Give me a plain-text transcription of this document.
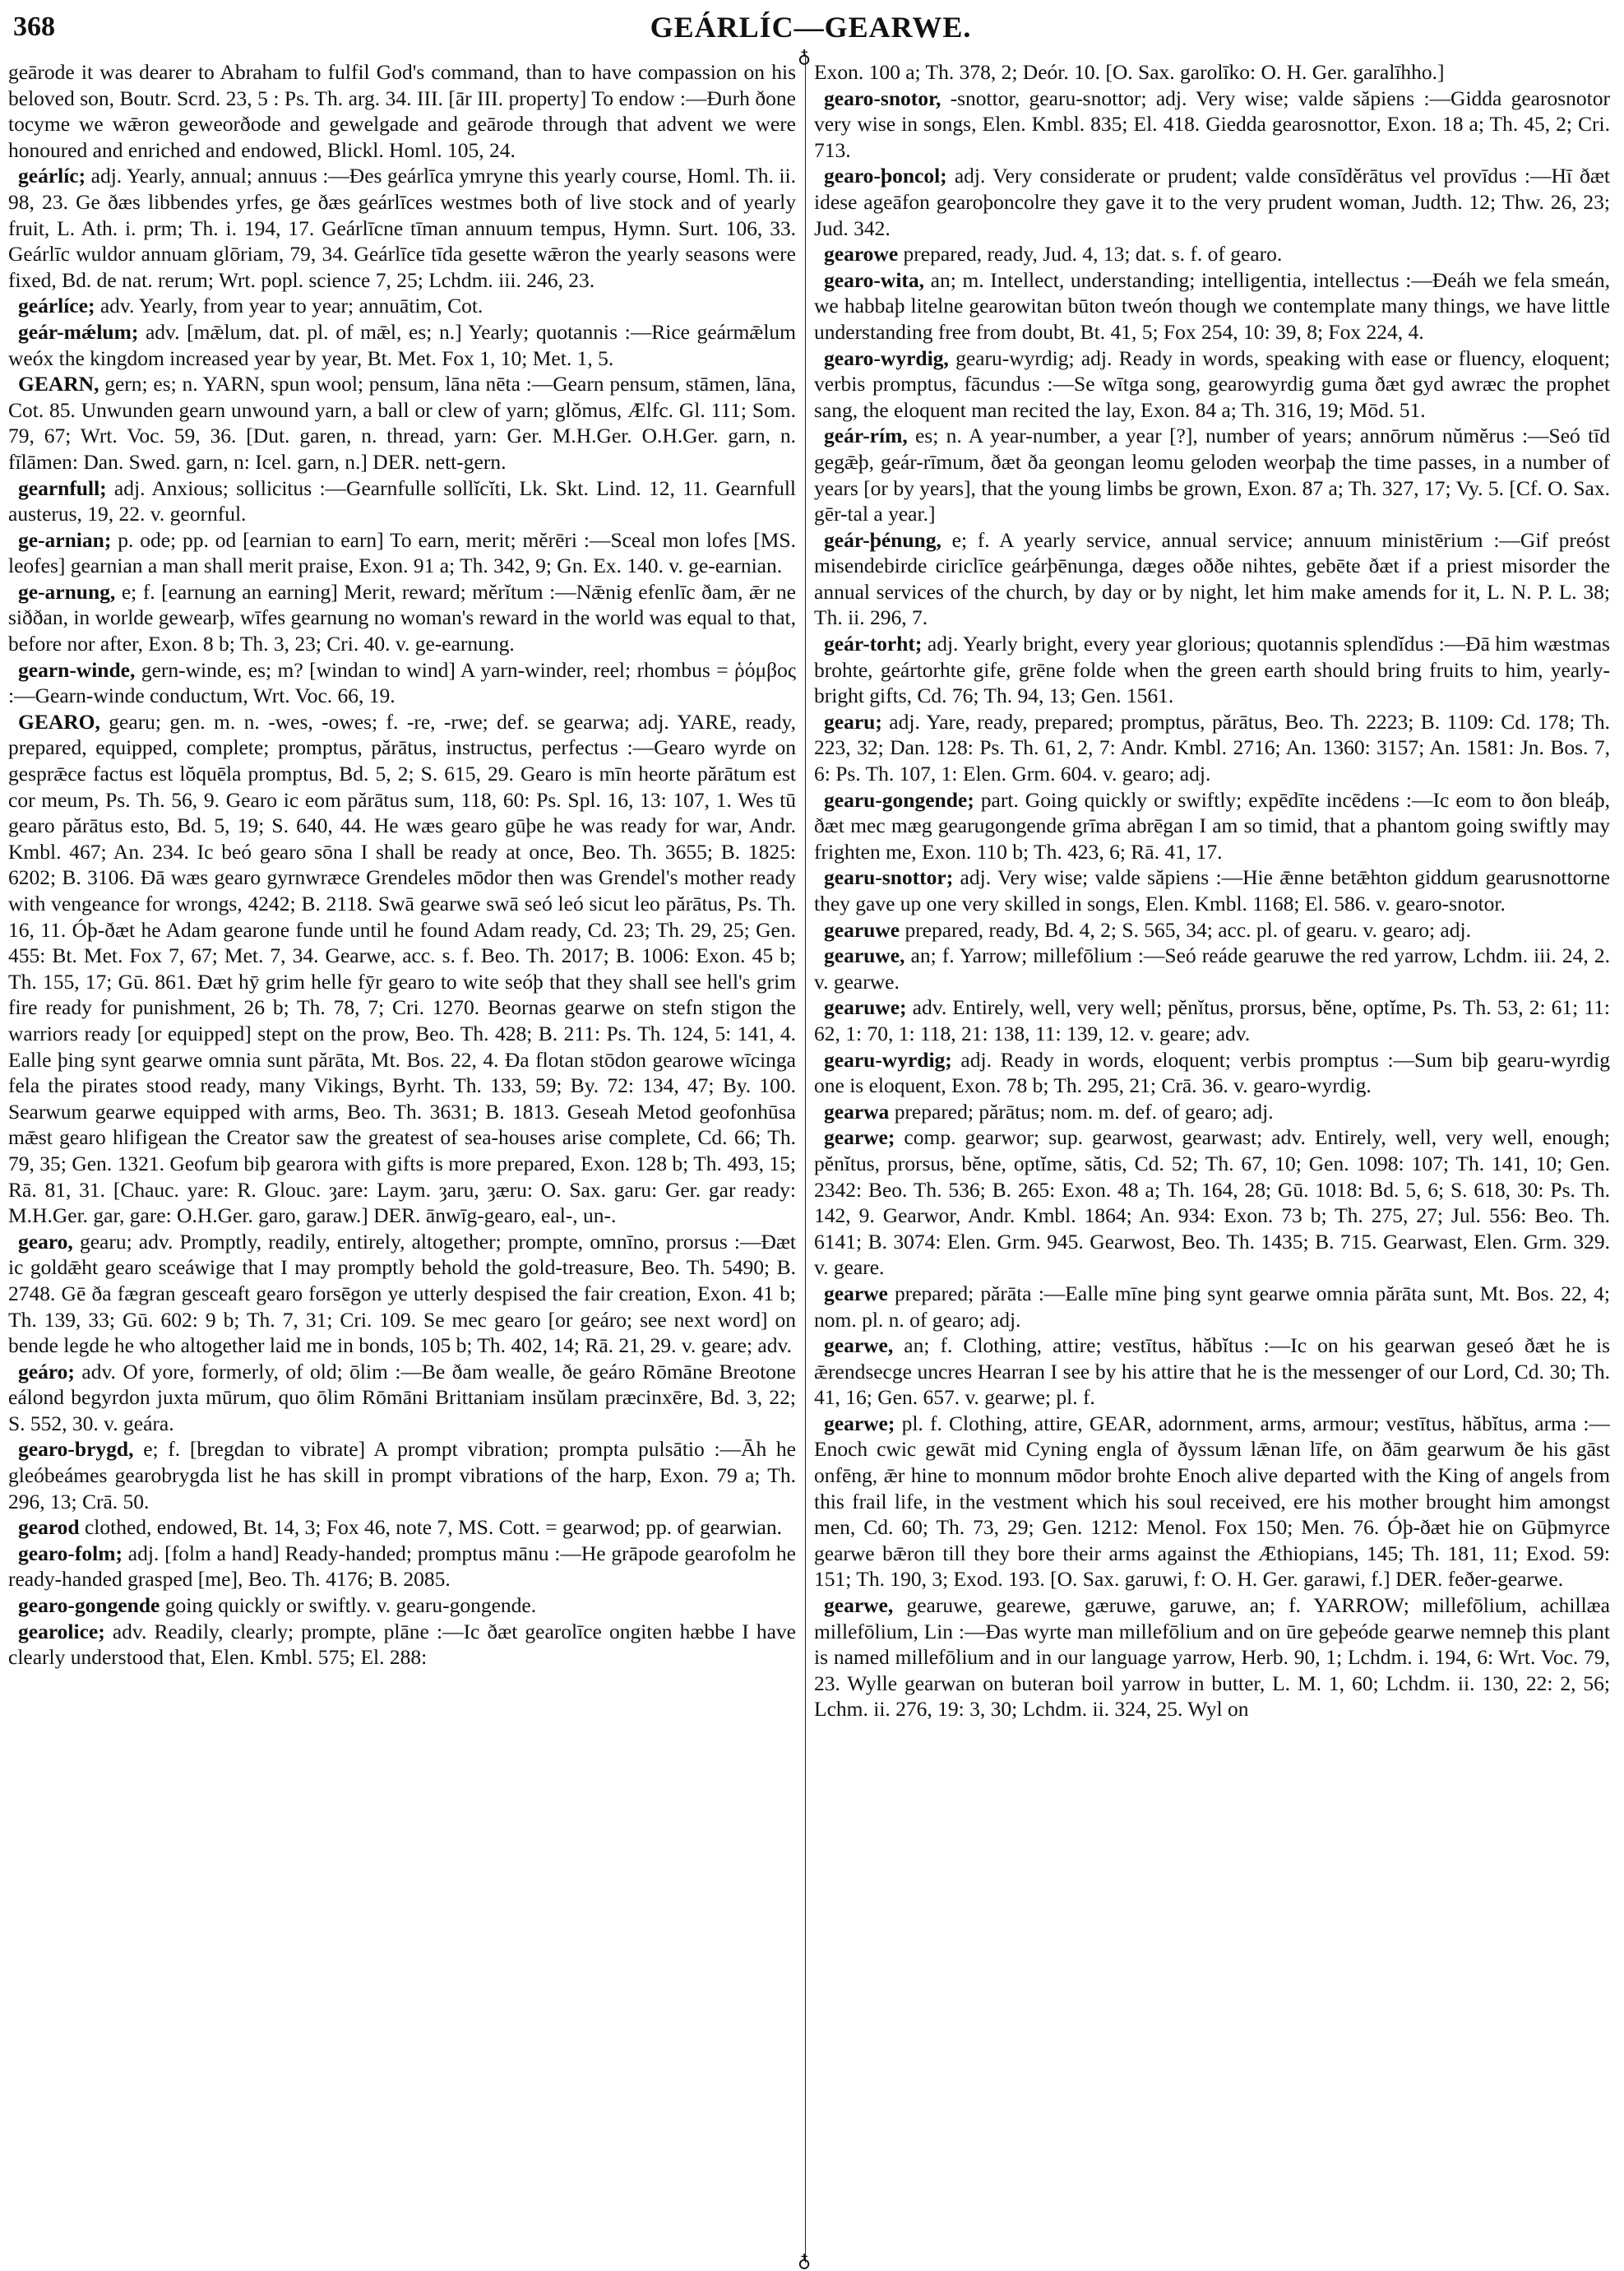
368	GEÁRLÍC—GEARWE.
♁
♁

geārode it was dearer to Abraham to fulfil God's command, than to have compassion on his beloved son, Boutr. Scrd. 23, 5 : Ps. Th. arg. 34. III. [ār III. property] To endow :—Ðurh ðone tocyme we wǣron geweorðode and gewelgade and geārode through that advent we were honoured and enriched and endowed, Blickl. Homl. 105, 24.

geárlíc; adj. Yearly, annual; annuus :—Ðes geárlīca ymryne this yearly course, Homl. Th. ii. 98, 23. Ge ðæs libbendes yrfes, ge ðæs geárlīces westmes both of live stock and of yearly fruit, L. Ath. i. prm; Th. i. 194, 17. Geárlīcne tīman annuum tempus, Hymn. Surt. 106, 33. Geárlīc wuldor annuam glōriam, 79, 34. Geárlīce tīda gesette wǣron the yearly seasons were fixed, Bd. de nat. rerum; Wrt. popl. science 7, 25; Lchdm. iii. 246, 23.

geárlíce; adv. Yearly, from year to year; annuātim, Cot.

geár-mǽlum; adv. [mǣlum, dat. pl. of mǣl, es; n.] Yearly; quotannis :—Rice geármǣlum weóx the kingdom increased year by year, Bt. Met. Fox 1, 10; Met. 1, 5.

GEARN, gern; es; n. YARN, spun wool; pensum, lāna nēta :—Gearn pensum, stāmen, lāna, Cot. 85. Unwunden gearn unwound yarn, a ball or clew of yarn; glŏmus, Ælfc. Gl. 111; Som. 79, 67; Wrt. Voc. 59, 36. [Dut. garen, n. thread, yarn: Ger. M.H.Ger. O.H.Ger. garn, n. fīlāmen: Dan. Swed. garn, n: Icel. garn, n.] DER. nett-gern.

gearnfull; adj. Anxious; sollicitus :—Gearnfulle sollĭcĭti, Lk. Skt. Lind. 12, 11. Gearnfull austerus, 19, 22. v. geornful.

ge-arnian; p. ode; pp. od [earnian to earn] To earn, merit; mĕrēri :—Sceal mon lofes [MS. leofes] gearnian a man shall merit praise, Exon. 91 a; Th. 342, 9; Gn. Ex. 140. v. ge-earnian.

ge-arnung, e; f. [earnung an earning] Merit, reward; mĕrĭtum :—Nǣnig efenlīc ðam, ǣr ne siððan, in worlde gewearþ, wīfes gearnung no woman's reward in the world was equal to that, before nor after, Exon. 8 b; Th. 3, 23; Cri. 40. v. ge-earnung.

gearn-winde, gern-winde, es; m? [windan to wind] A yarn-winder, reel; rhombus = ῥόμβος :—Gearn-winde conductum, Wrt. Voc. 66, 19.

GEARO, gearu; gen. m. n. -wes, -owes; f. -re, -rwe; def. se gearwa; adj. YARE, ready, prepared, equipped, complete; promptus, părātus, instructus, perfectus :—Gearo wyrde on gesprǣce factus est lŏquēla promptus, Bd. 5, 2; S. 615, 29. Gearo is mīn heorte părātum est cor meum, Ps. Th. 56, 9. Gearo ic eom părātus sum, 118, 60: Ps. Spl. 16, 13: 107, 1. Wes tū gearo părātus esto, Bd. 5, 19; S. 640, 44. He wæs gearo gūþe he was ready for war, Andr. Kmbl. 467; An. 234. Ic beó gearo sōna I shall be ready at once, Beo. Th. 3655; B. 1825: 6202; B. 3106. Ðā wæs gearo gyrnwræce Grendeles mōdor then was Grendel's mother ready with vengeance for wrongs, 4242; B. 2118. Swā gearwe swā seó leó sicut leo părātus, Ps. Th. 16, 11. Óþ-ðæt he Adam gearone funde until he found Adam ready, Cd. 23; Th. 29, 25; Gen. 455: Bt. Met. Fox 7, 67; Met. 7, 34. Gearwe, acc. s. f. Beo. Th. 2017; B. 1006: Exon. 45 b; Th. 155, 17; Gū. 861. Ðæt hȳ grim helle fȳr gearo to wite seóþ that they shall see hell's grim fire ready for punishment, 26 b; Th. 78, 7; Cri. 1270. Beornas gearwe on stefn stigon the warriors ready [or equipped] stept on the prow, Beo. Th. 428; B. 211: Ps. Th. 124, 5: 141, 4. Ealle þing synt gearwe omnia sunt părāta, Mt. Bos. 22, 4. Ða flotan stōdon gearowe wīcinga fela the pirates stood ready, many Vikings, Byrht. Th. 133, 59; By. 72: 134, 47; By. 100. Searwum gearwe equipped with arms, Beo. Th. 3631; B. 1813. Geseah Metod geofonhūsa mǣst gearo hlifigean the Creator saw the greatest of sea-houses arise complete, Cd. 66; Th. 79, 35; Gen. 1321. Geofum biþ gearora with gifts is more prepared, Exon. 128 b; Th. 493, 15; Rā. 81, 31. [Chauc. yare: R. Glouc. ȝare: Laym. ȝaru, ȝæru: O. Sax. garu: Ger. gar ready: M.H.Ger. gar, gare: O.H.Ger. garo, garaw.] DER. ānwīg-gearo, eal-, un-.

gearo, gearu; adv. Promptly, readily, entirely, altogether; prompte, omnīno, prorsus :—Ðæt ic goldǣht gearo sceáwige that I may promptly behold the gold-treasure, Beo. Th. 5490; B. 2748. Gē ða fægran gesceaft gearo forsēgon ye utterly despised the fair creation, Exon. 41 b; Th. 139, 33; Gū. 602: 9 b; Th. 7, 31; Cri. 109. Se mec gearo [or geáro; see next word] on bende legde he who altogether laid me in bonds, 105 b; Th. 402, 14; Rā. 21, 29. v. geare; adv.

geáro; adv. Of yore, formerly, of old; ōlim :—Be ðam wealle, ðe geáro Rōmāne Breotone eálond begyrdon juxta mūrum, quo ōlim Rōmāni Brittaniam insŭlam præcinxēre, Bd. 3, 22; S. 552, 30. v. geára.

gearo-brygd, e; f. [bregdan to vibrate] A prompt vibration; prompta pulsātio :—Āh he gleóbeámes gearobrygda list he has skill in prompt vibrations of the harp, Exon. 79 a; Th. 296, 13; Crā. 50.

gearod clothed, endowed, Bt. 14, 3; Fox 46, note 7, MS. Cott. = gearwod; pp. of gearwian.

gearo-folm; adj. [folm a hand] Ready-handed; promptus mānu :—He grāpode gearofolm he ready-handed grasped [me], Beo. Th. 4176; B. 2085.

gearo-gongende going quickly or swiftly. v. gearu-gongende.

gearolice; adv. Readily, clearly; prompte, plāne :—Ic ðæt gearolīce ongiten hæbbe I have clearly understood that, Elen. Kmbl. 575; El. 288:

Exon. 100 a; Th. 378, 2; Deór. 10. [O. Sax. garolīko: O. H. Ger. garalīhho.]

gearo-snotor, -snottor, gearu-snottor; adj. Very wise; valde săpiens :—Gidda gearosnotor very wise in songs, Elen. Kmbl. 835; El. 418. Giedda gearosnottor, Exon. 18 a; Th. 45, 2; Cri. 713.

gearo-þoncol; adj. Very considerate or prudent; valde consīdĕrātus vel provīdus :—Hī ðæt idese ageāfon gearoþoncolre they gave it to the very prudent woman, Judth. 12; Thw. 26, 23; Jud. 342.

gearowe prepared, ready, Jud. 4, 13; dat. s. f. of gearo.

gearo-wita, an; m. Intellect, understanding; intelligentia, intellectus :—Ðeáh we fela smeán, we habbaþ litelne gearowitan būton tweón though we contemplate many things, we have little understanding free from doubt, Bt. 41, 5; Fox 254, 10: 39, 8; Fox 224, 4.

gearo-wyrdig, gearu-wyrdig; adj. Ready in words, speaking with ease or fluency, eloquent; verbis promptus, fācundus :—Se wītga song, gearowyrdig guma ðæt gyd awræc the prophet sang, the eloquent man recited the lay, Exon. 84 a; Th. 316, 19; Mōd. 51.

geár-rím, es; n. A year-number, a year [?], number of years; annōrum nŭmĕrus :—Seó tīd gegǣþ, geár-rīmum, ðæt ða geongan leomu geloden weorþaþ the time passes, in a number of years [or by years], that the young limbs be grown, Exon. 87 a; Th. 327, 17; Vy. 5. [Cf. O. Sax. gēr-tal a year.]

geár-þénung, e; f. A yearly service, annual service; annuum ministērium :—Gif preóst misendebirde ciriclīce geárþēnunga, dæges oððe nihtes, gebēte ðæt if a priest misorder the annual services of the church, by day or by night, let him make amends for it, L. N. P. L. 38; Th. ii. 296, 7.

geár-torht; adj. Yearly bright, every year glorious; quotannis splendĭdus :—Ðā him wæstmas brohte, geártorhte gife, grēne folde when the green earth should bring fruits to him, yearly-bright gifts, Cd. 76; Th. 94, 13; Gen. 1561.

gearu; adj. Yare, ready, prepared; promptus, părātus, Beo. Th. 2223; B. 1109: Cd. 178; Th. 223, 32; Dan. 128: Ps. Th. 61, 2, 7: Andr. Kmbl. 2716; An. 1360: 3157; An. 1581: Jn. Bos. 7, 6: Ps. Th. 107, 1: Elen. Grm. 604. v. gearo; adj.

gearu-gongende; part. Going quickly or swiftly; expēdīte incēdens :—Ic eom to ðon bleáþ, ðæt mec mæg gearugongende grīma abrēgan I am so timid, that a phantom going swiftly may frighten me, Exon. 110 b; Th. 423, 6; Rā. 41, 17.

gearu-snottor; adj. Very wise; valde săpiens :—Hie ǣnne betǣhton giddum gearusnottorne they gave up one very skilled in songs, Elen. Kmbl. 1168; El. 586. v. gearo-snotor.

gearuwe prepared, ready, Bd. 4, 2; S. 565, 34; acc. pl. of gearu. v. gearo; adj.

gearuwe, an; f. Yarrow; millefōlium :—Seó reáde gearuwe the red yarrow, Lchdm. iii. 24, 2. v. gearwe.

gearuwe; adv. Entirely, well, very well; pĕnĭtus, prorsus, bĕne, optĭme, Ps. Th. 53, 2: 61; 11: 62, 1: 70, 1: 118, 21: 138, 11: 139, 12. v. geare; adv.

gearu-wyrdig; adj. Ready in words, eloquent; verbis promptus :—Sum biþ gearu-wyrdig one is eloquent, Exon. 78 b; Th. 295, 21; Crā. 36. v. gearo-wyrdig.

gearwa prepared; părātus; nom. m. def. of gearo; adj.

gearwe; comp. gearwor; sup. gearwost, gearwast; adv. Entirely, well, very well, enough; pĕnĭtus, prorsus, bĕne, optĭme, sătis, Cd. 52; Th. 67, 10; Gen. 1098: 107; Th. 141, 10; Gen. 2342: Beo. Th. 536; B. 265: Exon. 48 a; Th. 164, 28; Gū. 1018: Bd. 5, 6; S. 618, 30: Ps. Th. 142, 9. Gearwor, Andr. Kmbl. 1864; An. 934: Exon. 73 b; Th. 275, 27; Jul. 556: Beo. Th. 6141; B. 3074: Elen. Grm. 945. Gearwost, Beo. Th. 1435; B. 715. Gearwast, Elen. Grm. 329. v. geare.

gearwe prepared; părāta :—Ealle mīne þing synt gearwe omnia părāta sunt, Mt. Bos. 22, 4; nom. pl. n. of gearo; adj.

gearwe, an; f. Clothing, attire; vestītus, hăbĭtus :—Ic on his gearwan geseó ðæt he is ǣrendsecge uncres Hearran I see by his attire that he is the messenger of our Lord, Cd. 30; Th. 41, 16; Gen. 657. v. gearwe; pl. f.

gearwe; pl. f. Clothing, attire, GEAR, adornment, arms, armour; vestītus, hăbĭtus, arma :—Enoch cwic gewāt mid Cyning engla of ðyssum lǣnan līfe, on ðām gearwum ðe his gāst onfēng, ǣr hine to monnum mōdor brohte Enoch alive departed with the King of angels from this frail life, in the vestment which his soul received, ere his mother brought him amongst men, Cd. 60; Th. 73, 29; Gen. 1212: Menol. Fox 150; Men. 76. Óþ-ðæt hie on Gūþmyrce gearwe bǣron till they bore their arms against the Æthiopians, 145; Th. 181, 11; Exod. 59: 151; Th. 190, 3; Exod. 193. [O. Sax. garuwi, f: O. H. Ger. garawi, f.] DER. feðer-gearwe.

gearwe, gearuwe, gearewe, gæruwe, garuwe, an; f. YARROW; millefōlium, achillæa millefōlium, Lin :—Ðas wyrte man millefōlium and on ūre geþeóde gearwe nemneþ this plant is named millefōlium and in our language yarrow, Herb. 90, 1; Lchdm. i. 194, 6: Wrt. Voc. 79, 23. Wylle gearwan on buteran boil yarrow in butter, L. M. 1, 60; Lchdm. ii. 130, 22: 2, 56; Lchm. ii. 276, 19: 3, 30; Lchdm. ii. 324, 25. Wyl on
